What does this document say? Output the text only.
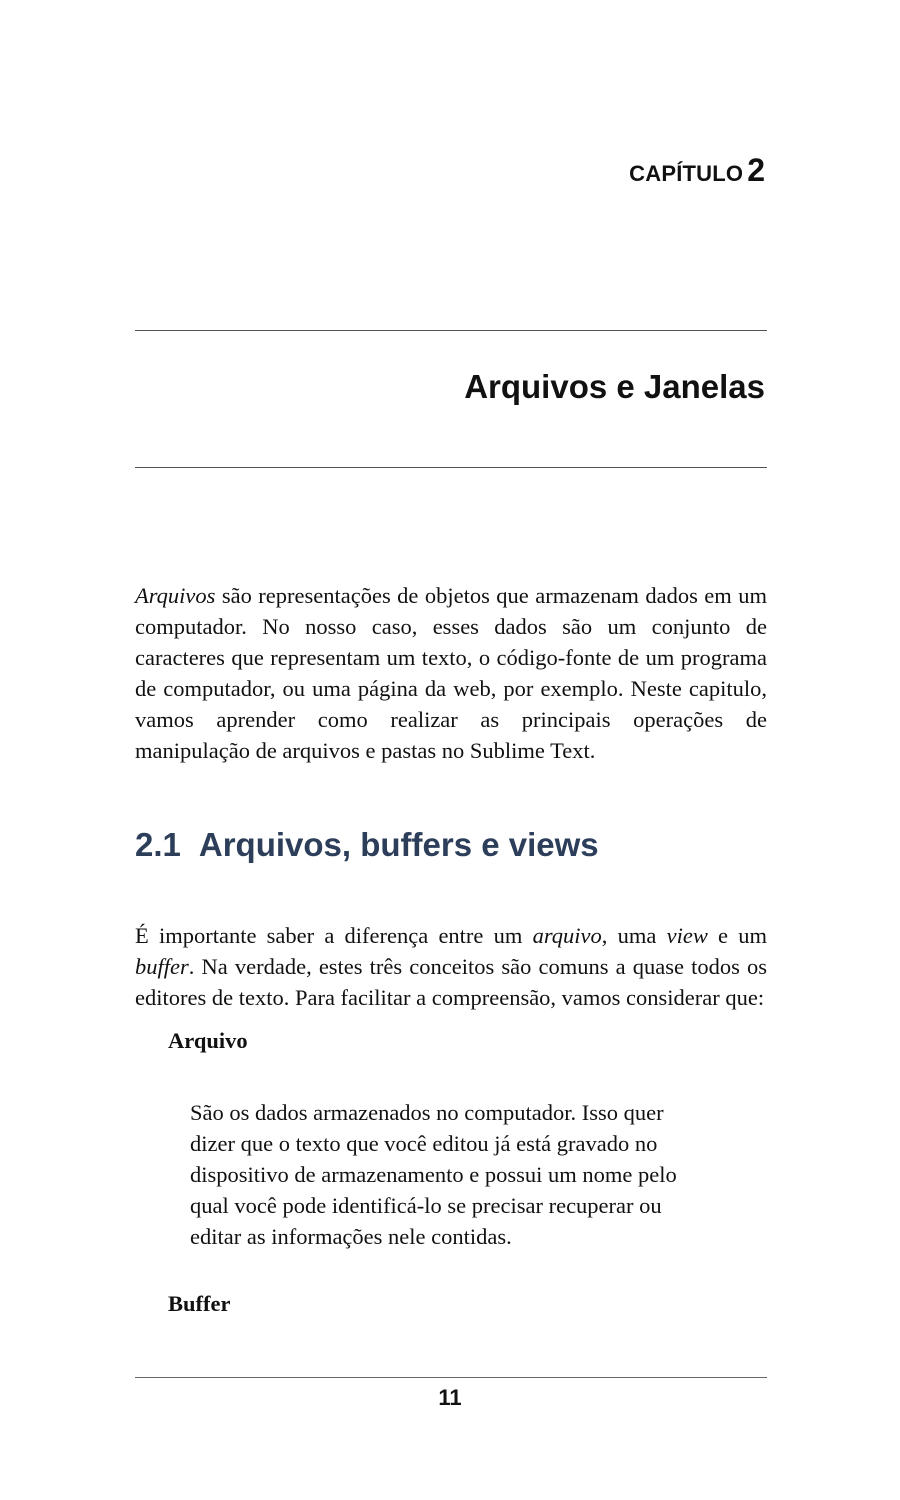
CAPÍTULO 2
Arquivos e Janelas

Arquivos são representações de objetos que armazenam dados em um computador. No nosso caso, esses dados são um conjunto de caracteres que representam um texto, o código-fonte de um programa de computador, ou uma página da web, por exemplo. Neste capitulo, vamos aprender como realizar as principais operações de manipulação de arquivos e pastas no Sublime Text.

2.1 Arquivos, buffers e views

É importante saber a diferença entre um arquivo, uma view e um buffer. Na verdade, estes três conceitos são comuns a quase todos os editores de texto. Para facilitar a compreensão, vamos considerar que:

Arquivo

São os dados armazenados no computador. Isso quer dizer que o texto que você editou já está gravado no dispositivo de armazenamento e possui um nome pelo qual você pode identificá-lo se precisar recuperar ou editar as informações nele contidas.

Buffer
11
